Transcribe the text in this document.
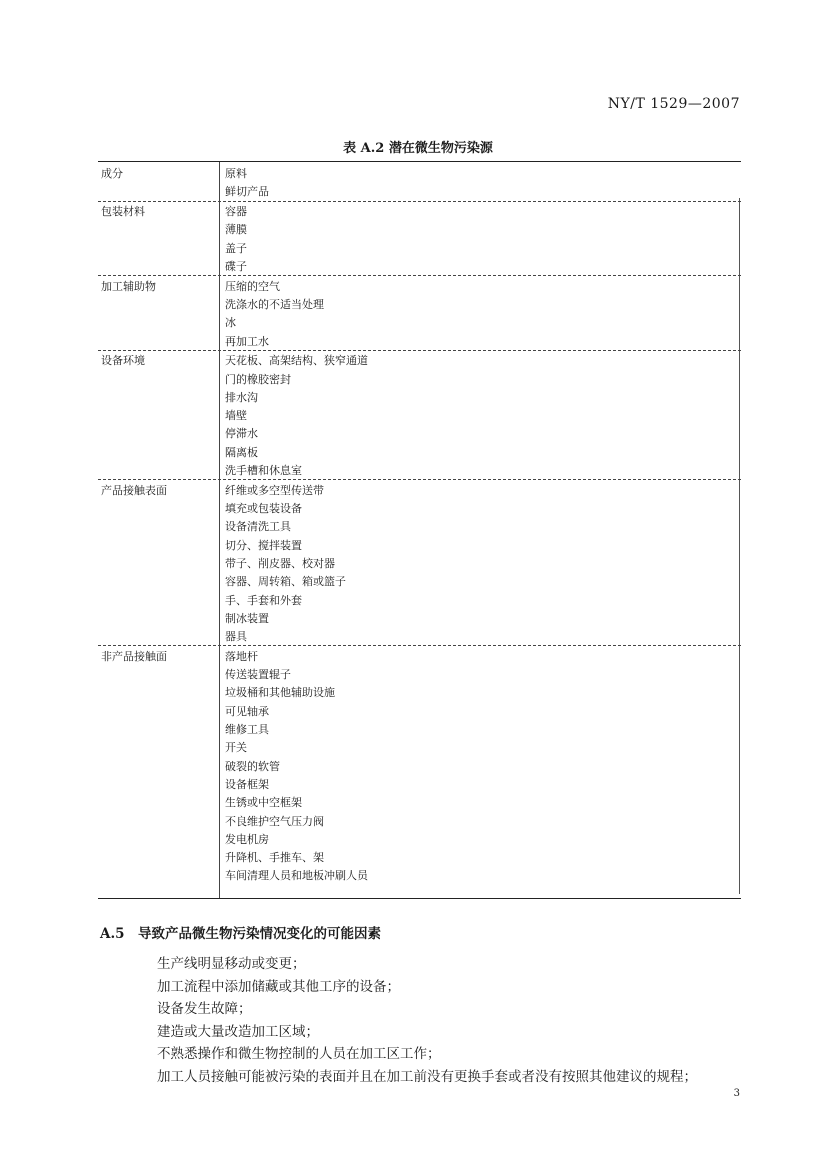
NY/T 1529—2007
表 A.2 潜在微生物污染源
成分	原料
鲜切产品
包装材料	容器
薄膜
盖子
碟子
加工辅助物	压缩的空气
洗涤水的不适当处理
冰
再加工水
设备环境	天花板、高架结构、狭窄通道
门的橡胶密封
排水沟
墙壁
停滞水
隔离板
洗手槽和休息室
产品接触表面	纤维或多空型传送带
填充或包装设备
设备清洗工具
切分、搅拌装置
带子、削皮器、校对器
容器、周转箱、箱或篮子
手、手套和外套
制冰装置
器具
非产品接触面	落地杆
传送装置辊子
垃圾桶和其他辅助设施
可见轴承
维修工具
开关
破裂的软管
设备框架
生锈或中空框架
不良维护空气压力阀
发电机房
升降机、手推车、架
车间清理人员和地板冲刷人员
A.5 导致产品微生物污染情况变化的可能因素
生产线明显移动或变更；
加工流程中添加储藏或其他工序的设备；
设备发生故障；
建造或大量改造加工区域；
不熟悉操作和微生物控制的人员在加工区工作；
加工人员接触可能被污染的表面并且在加工前没有更换手套或者没有按照其他建议的规程；
3
